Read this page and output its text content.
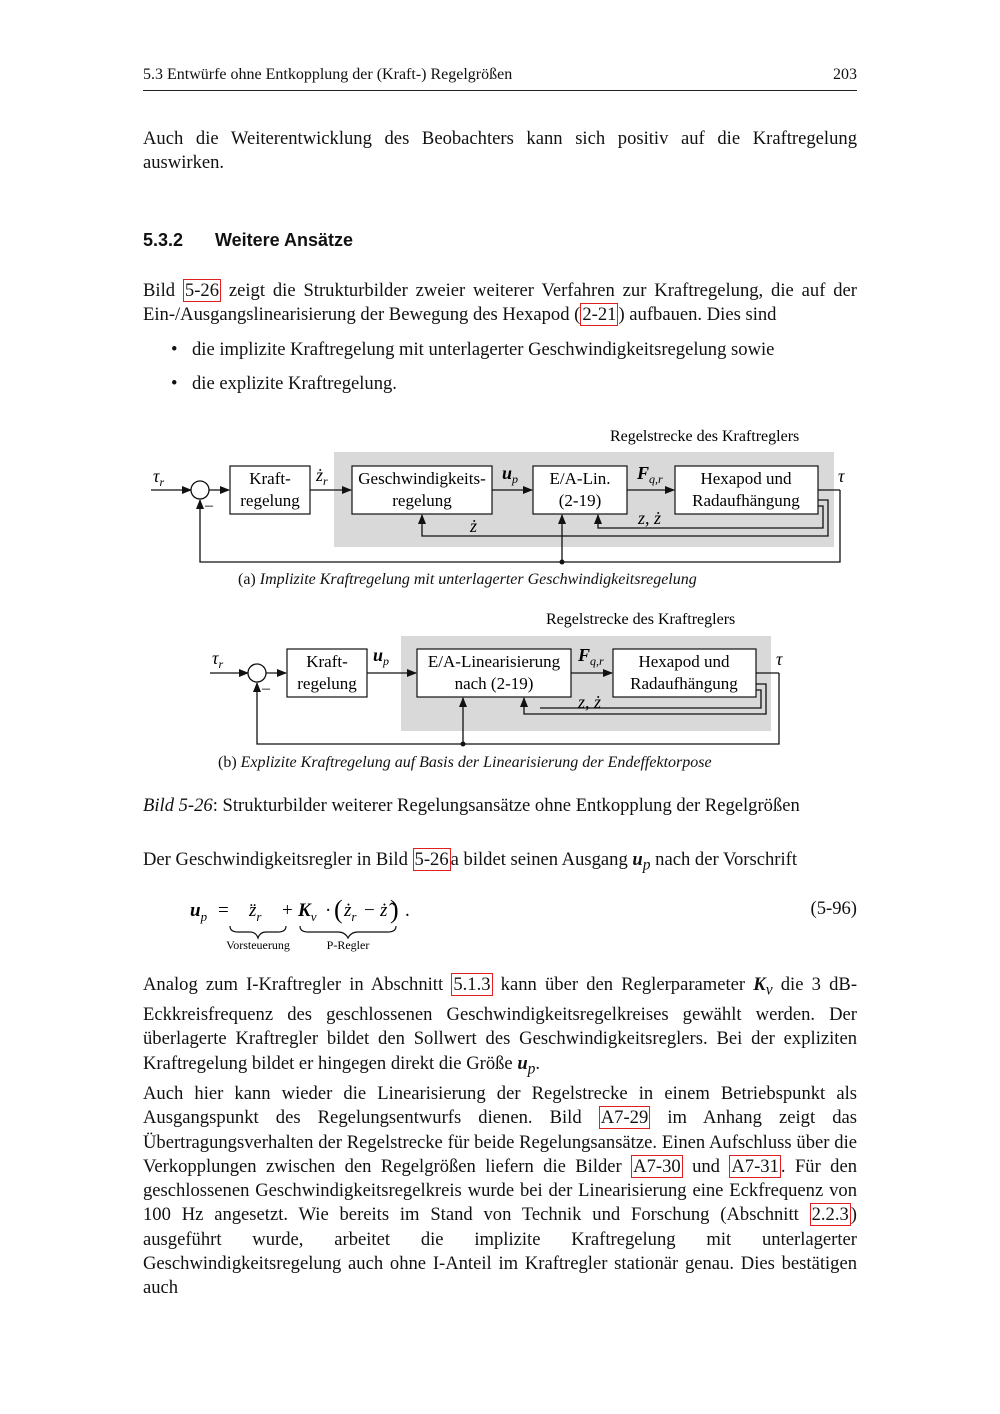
5.3 Entwürfe ohne Entkopplung der (Kraft-) Regelgrößen	203

Auch die Weiterentwicklung des Beobachters kann sich positiv auf die Kraftregelung auswirken.

5.3.2 Weitere Ansätze

Bild 5-26 zeigt die Strukturbilder zweier weiterer Verfahren zur Kraftregelung, die auf der Ein-/Ausgangslinearisierung der Bewegung des Hexapod ( 2-21 ) aufbauen. Dies sind

• die implizite Kraftregelung mit unterlagerter Geschwindigkeitsregelung sowie
• die explizite Kraftregelung.
Regelstrecke des Kraftreglers
$\tau_r$
–
Kraft-
regelung
$ż_r$ Geschwindigkeits-
regelung
$u_p$ E/A-Lin.
(2-19)
$F_{q,r}$ Hexapod und
Radaufhängung
τ
ż	z, ż
(a) Implizite Kraftregelung mit unterlagerter Geschwindigkeitsregelung
Regelstrecke des Kraftreglers
$\tau_r$
–
Kraft-
regelung
$u_p$ E/A-Linearisierung
nach (2-19)
$F_{q,r}$ Hexapod und
Radaufhängung
τ
z, ż
(b) Explizite Kraftregelung auf Basis der Linearisierung der Endeffektorpose
Bild 5-26: Strukturbilder weiterer Regelungsansätze ohne Entkopplung der Regelgrößen

Der Geschwindigkeitsregler in Bild 5-26 a bildet seinen Ausgang $u_p$ nach der Vorschrift

$u_p$ = $z̈_r + K_v$ · ( $ż_r$ − ż̂ ) .
Vorsteuerung	P-Regler
(5-96)

Analog zum I-Kraftregler in Abschnitt 5.1.3 kann über den Reglerparameter $K_v$ die 3 dB-Eckkreisfrequenz des geschlossenen Geschwindigkeitsregelkreises gewählt werden. Der überlagerte Kraftregler bildet den Sollwert des Geschwindigkeitsreglers. Bei der expliziten Kraftregelung bildet er hingegen direkt die Größe $u_p$.

Auch hier kann wieder die Linearisierung der Regelstrecke in einem Betriebspunkt als Ausgangspunkt des Regelungsentwurfs dienen. Bild A7-29 im Anhang zeigt das Übertragungsverhalten der Regelstrecke für beide Regelungsansätze. Einen Aufschluss über die Verkopplungen zwischen den Regelgrößen liefern die Bilder A7-30 und A7-31 . Für den geschlossenen Geschwindigkeitsregelkreis wurde bei der Linearisierung eine Eckfrequenz von 100 Hz angesetzt. Wie bereits im Stand von Technik und Forschung (Abschnitt 2.2.3 ) ausgeführt wurde, arbeitet die implizite Kraftregelung mit unterlagerter Geschwindigkeitsregelung auch ohne I-Anteil im Kraftregler stationär genau. Dies bestätigen auch
